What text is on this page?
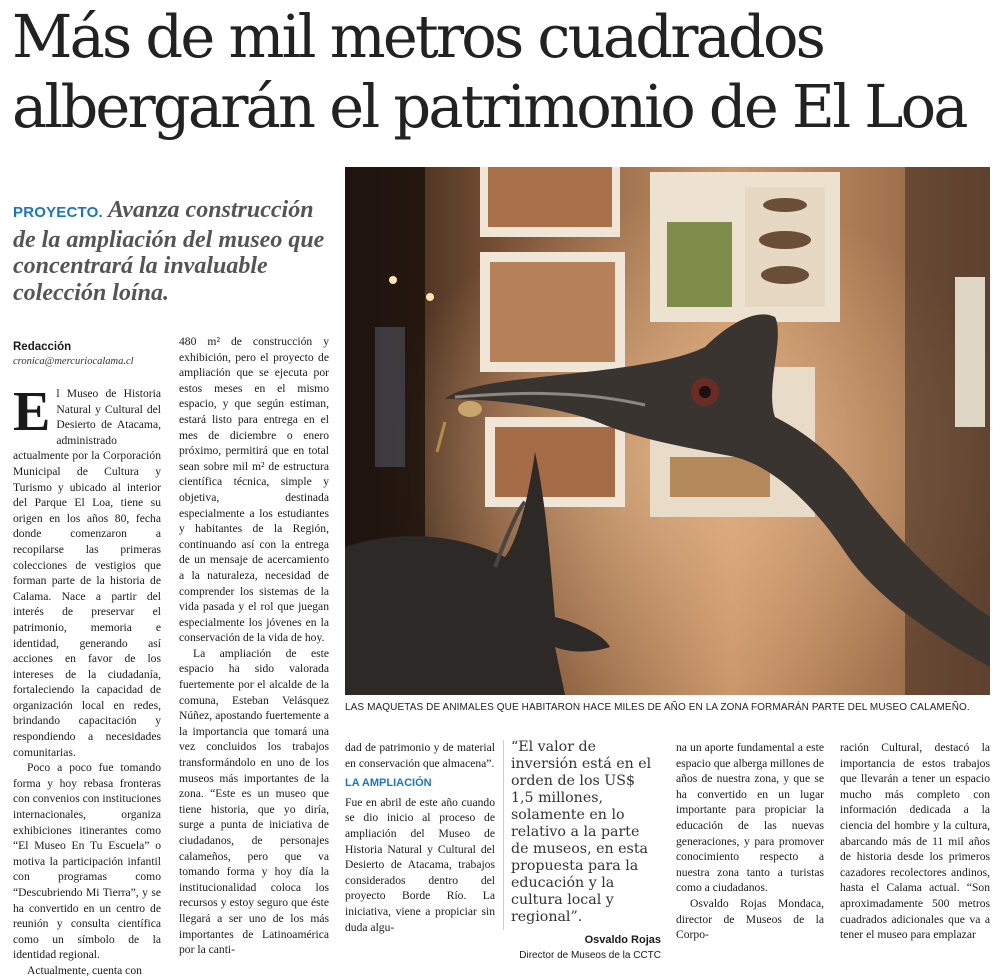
Más de mil metros cuadrados
albergarán el patrimonio de El Loa

PROYECTO. Avanza construcción de la ampliación del museo que concentrará la invaluable colección loína.

LAS MAQUETAS DE ANIMALES QUE HABITARON HACE MILES DE AÑO EN LA ZONA FORMARÁN PARTE DEL MUSEO CALAMEÑO.

Redacción
cronica@mercuriocalama.cl

El Museo de Historia Natural y Cultural del Desierto de Atacama, administrado actualmente por la Corporación Municipal de Cultura y Turismo y ubicado al interior del Parque El Loa, tiene su origen en los años 80, fecha donde comenzaron a recopilarse las primeras colecciones de vestigios que forman parte de la historia de Calama. Nace a partir del interés de preservar el patrimonio, memoria e identidad, generando así acciones en favor de los intereses de la ciudadanía, fortaleciendo la capacidad de organización local en redes, brindando capacitación y respondiendo a necesidades comunitarias.

Poco a poco fue tomando forma y hoy rebasa fronteras con convenios con instituciones internacionales, organiza exhibiciones itinerantes como “El Museo En Tu Escuela” o motiva la participación infantil con programas como “Descubriendo Mi Tierra”, y se ha convertido en un centro de reunión y consulta científica como un símbolo de la identidad regional.

Actualmente, cuenta con

480 m² de construcción y exhibición, pero el proyecto de ampliación que se ejecuta por estos meses en el mismo espacio, y que según estiman, estará listo para entrega en el mes de diciembre o enero próximo, permitirá que en total sean sobre mil m² de estructura científica técnica, simple y objetiva, destinada especialmente a los estudiantes y habitantes de la Región, continuando así con la entrega de un mensaje de acercamiento a la naturaleza, necesidad de comprender los sistemas de la vida pasada y el rol que juegan especialmente los jóvenes en la conservación de la vida de hoy.

La ampliación de este espacio ha sido valorada fuertemente por el alcalde de la comuna, Esteban Velásquez Núñez, apostando fuertemente a la importancia que tomará una vez concluidos los trabajos transformándolo en uno de los museos más importantes de la zona. “Este es un museo que tiene historia, que yo diría, surge a punta de iniciativa de ciudadanos, de personajes calameños, pero que va tomando forma y hoy día la institucionalidad coloca los recursos y estoy seguro que éste llegará a ser uno de los más importantes de Latinoamérica por la canti-

dad de patrimonio y de material en conservación que almacena”.

LA AMPLIACIÓN

Fue en abril de este año cuando se dio inicio al proceso de ampliación del Museo de Historia Natural y Cultural del Desierto de Atacama, trabajos considerados dentro del proyecto Borde Río. La iniciativa, viene a propiciar sin duda algu-

“El valor de inversión está en el orden de los US$ 1,5 millones, solamente en lo relativo a la parte de museos, en esta propuesta para la educación y la cultura local y regional”.

Osvaldo Rojas
Director de Museos de la CCTC

na un aporte fundamental a este espacio que alberga millones de años de nuestra zona, y que se ha convertido en un lugar importante para propiciar la educación de las nuevas generaciones, y para promover conocimiento respecto a nuestra zona tanto a turistas como a ciudadanos.

Osvaldo Rojas Mondaca, director de Museos de la Corpo-

ración Cultural, destacó la importancia de estos trabajos que llevarán a tener un espacio mucho más completo con información dedicada a la ciencia del hombre y la cultura, abarcando más de 11 mil años de historia desde los primeros cazadores recolectores andinos, hasta el Calama actual. “Son aproximadamente 500 metros cuadrados adicionales que va a tener el museo para emplazar
